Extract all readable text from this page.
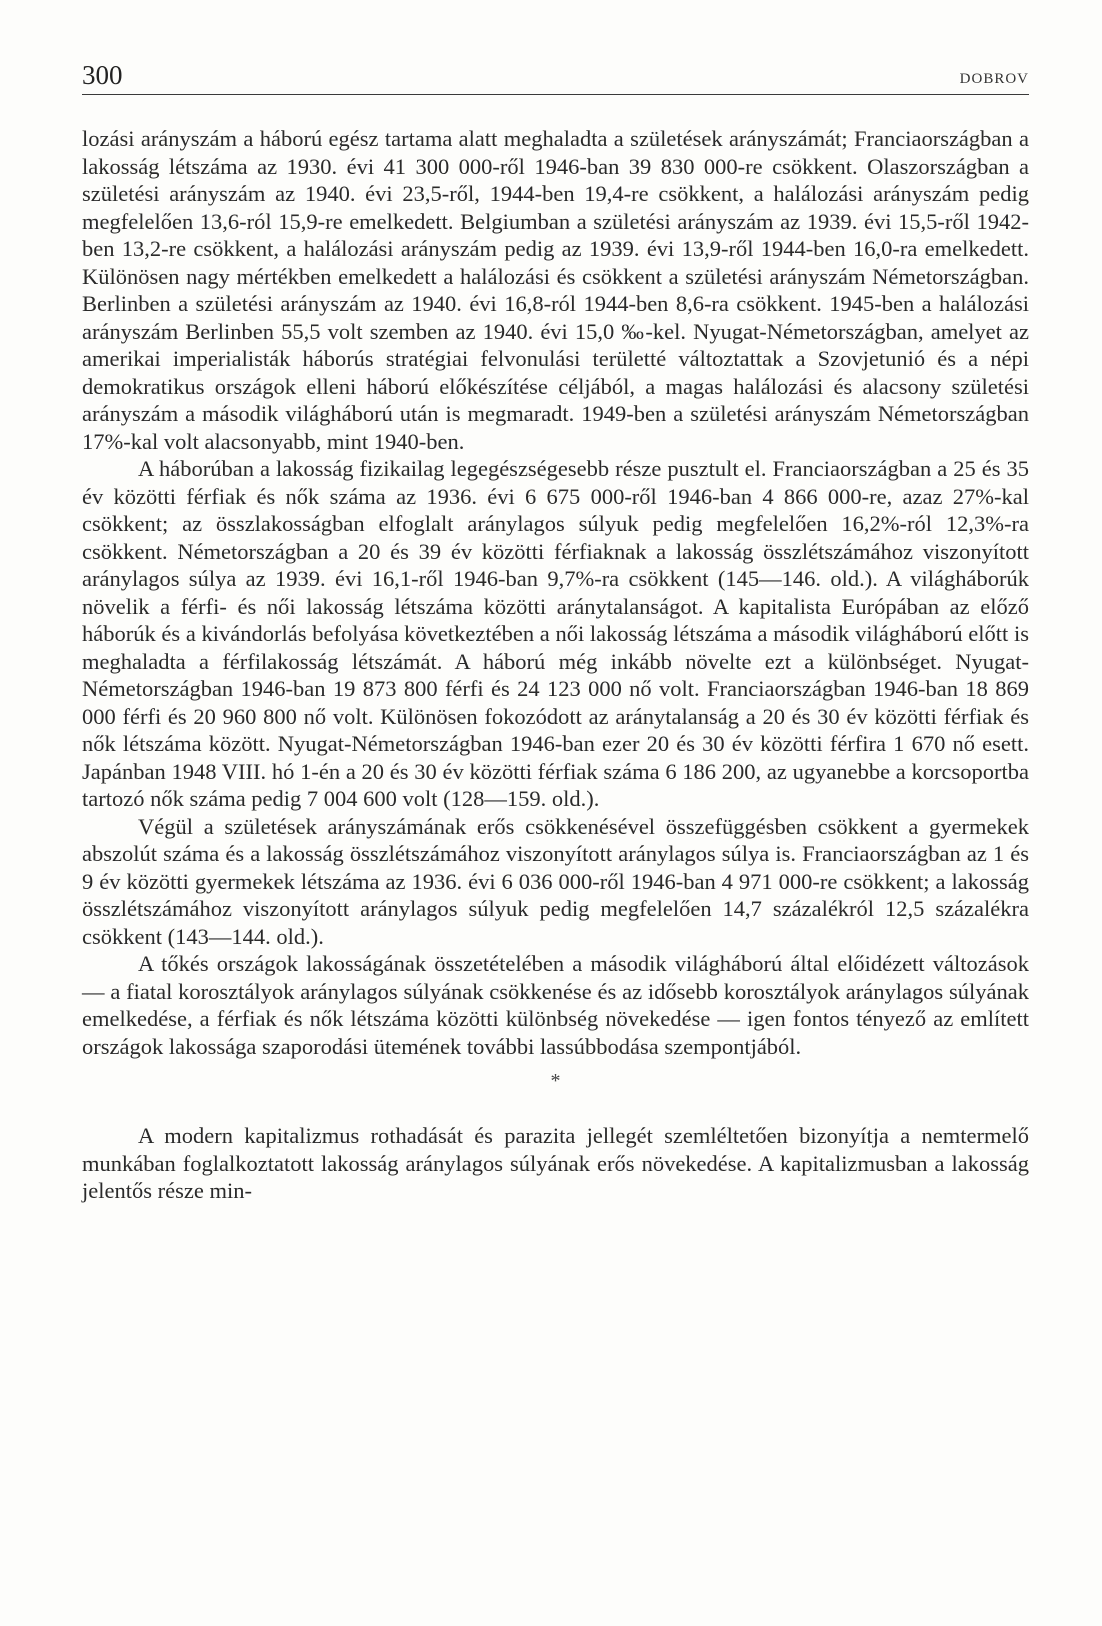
300	DOBROV

lozási arányszám a háború egész tartama alatt meghaladta a születések arányszámát; Franciaországban a lakosság létszáma az 1930. évi 41 300 000-ről 1946-ban 39 830 000-re csökkent. Olaszországban a születési arányszám az 1940. évi 23,5-ről, 1944-ben 19,4-re csökkent, a halálozási arányszám pedig megfelelően 13,6-ról 15,9-re emelkedett. Belgiumban a születési arányszám az 1939. évi 15,5-ről 1942-ben 13,2-re csökkent, a halálozási arányszám pedig az 1939. évi 13,9-ről 1944-ben 16,0-ra emelkedett. Különösen nagy mértékben emelkedett a halálozási és csökkent a születési arányszám Németországban. Berlinben a születési arányszám az 1940. évi 16,8-ról 1944-ben 8,6-ra csökkent. 1945-ben a halálozási arányszám Berlinben 55,5 volt szemben az 1940. évi 15,0 ‰-kel. Nyugat-Németországban, amelyet az amerikai imperialisták háborús stratégiai felvonulási területté változtattak a Szovjetunió és a népi demokratikus országok elleni háború előkészítése céljából, a magas halálozási és alacsony születési arányszám a második világháború után is megmaradt. 1949-ben a születési arányszám Németországban 17%-kal volt alacsonyabb, mint 1940-ben.

A háborúban a lakosság fizikailag legegészségesebb része pusztult el. Franciaországban a 25 és 35 év közötti férfiak és nők száma az 1936. évi 6 675 000-ről 1946-ban 4 866 000-re, azaz 27%-kal csökkent; az összlakosságban elfoglalt aránylagos súlyuk pedig megfelelően 16,2%-ról 12,3%-ra csökkent. Németországban a 20 és 39 év közötti férfiaknak a lakosság összlétszámához viszonyított aránylagos súlya az 1939. évi 16,1-ről 1946-ban 9,7%-ra csökkent (145—146. old.). A világháborúk növelik a férfi- és női lakosság létszáma közötti aránytalanságot. A kapitalista Európában az előző háborúk és a kivándorlás befolyása következtében a női lakosság létszáma a második világháború előtt is meghaladta a férfilakosság létszámát. A háború még inkább növelte ezt a különbséget. Nyugat-Németországban 1946-ban 19 873 800 férfi és 24 123 000 nő volt. Franciaországban 1946-ban 18 869 000 férfi és 20 960 800 nő volt. Különösen fokozódott az aránytalanság a 20 és 30 év közötti férfiak és nők létszáma között. Nyugat-Németországban 1946-ban ezer 20 és 30 év közötti férfira 1 670 nő esett. Japánban 1948 VIII. hó 1-én a 20 és 30 év közötti férfiak száma 6 186 200, az ugyanebbe a korcsoportba tartozó nők száma pedig 7 004 600 volt (128—159. old.).

Végül a születések arányszámának erős csökkenésével összefüggésben csökkent a gyermekek abszolút száma és a lakosság összlétszámához viszonyított aránylagos súlya is. Franciaországban az 1 és 9 év közötti gyermekek létszáma az 1936. évi 6 036 000-ről 1946-ban 4 971 000-re csökkent; a lakosság összlétszámához viszonyított aránylagos súlyuk pedig megfelelően 14,7 százalékról 12,5 százalékra csökkent (143—144. old.).

A tőkés országok lakosságának összetételében a második világháború által előidézett változások — a fiatal korosztályok aránylagos súlyának csökkenése és az idősebb korosztályok aránylagos súlyának emelkedése, a férfiak és nők létszáma közötti különbség növekedése — igen fontos tényező az említett országok lakossága szaporodási ütemének további lassúbbodása szempontjából.

*

A modern kapitalizmus rothadását és parazita jellegét szemléltetően bizonyítja a nemtermelő munkában foglalkoztatott lakosság aránylagos súlyának erős növekedése. A kapitalizmusban a lakosság jelentős része min-
